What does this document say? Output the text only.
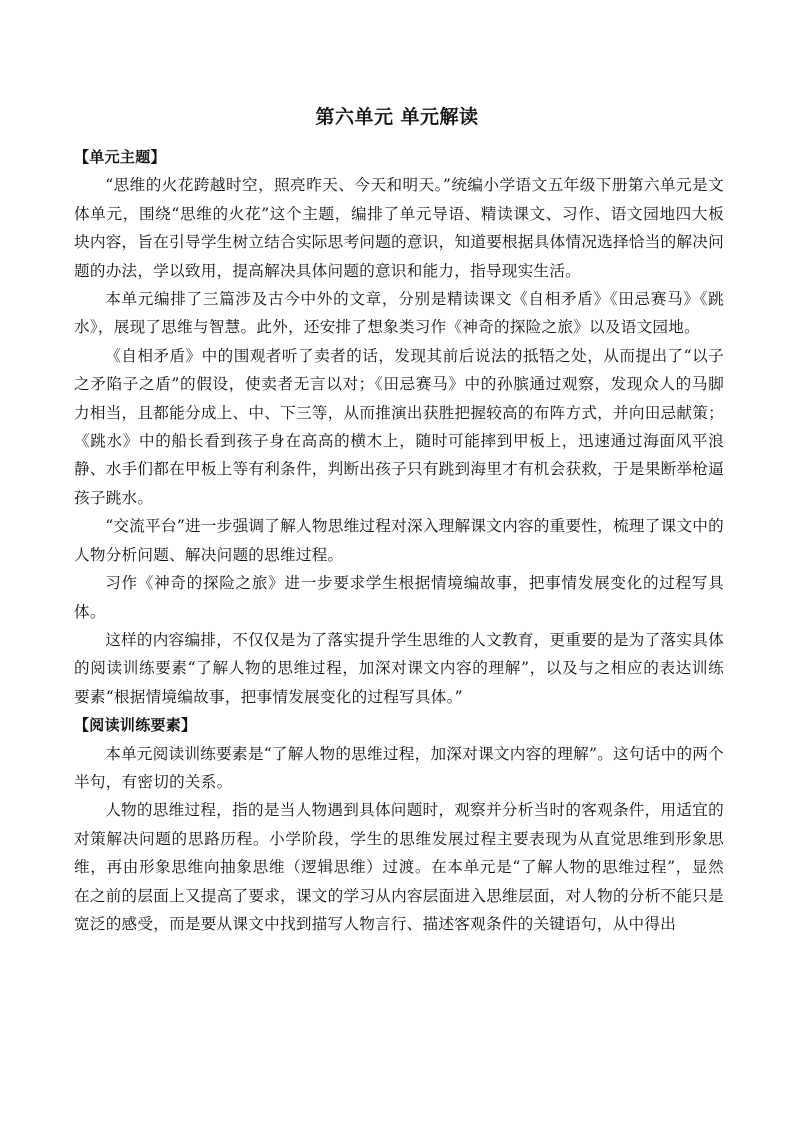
第六单元 单元解读

【单元主题】

“思维的火花跨越时空，照亮昨天、今天和明天。”统编小学语文五年级下册第六单元是文体单元，围绕“思维的火花”这个主题，编排了单元导语、精读课文、习作、语文园地四大板块内容，旨在引导学生树立结合实际思考问题的意识，知道要根据具体情况选择恰当的解决问题的办法，学以致用，提高解决具体问题的意识和能力，指导现实生活。

本单元编排了三篇涉及古今中外的文章，分别是精读课文《自相矛盾》《田忌赛马》《跳水》，展现了思维与智慧。此外，还安排了想象类习作《神奇的探险之旅》以及语文园地。

《自相矛盾》中的围观者听了卖者的话，发现其前后说法的抵牾之处，从而提出了“以子之矛陷子之盾”的假设，使卖者无言以对；《田忌赛马》中的孙膑通过观察，发现众人的马脚力相当，且都能分成上、中、下三等，从而推演出获胜把握较高的布阵方式，并向田忌献策；《跳水》中的船长看到孩子身在高高的横木上，随时可能摔到甲板上，迅速通过海面风平浪静、水手们都在甲板上等有利条件，判断出孩子只有跳到海里才有机会获救，于是果断举枪逼孩子跳水。

“交流平台”进一步强调了解人物思维过程对深入理解课文内容的重要性，梳理了课文中的人物分析问题、解决问题的思维过程。

习作《神奇的探险之旅》进一步要求学生根据情境编故事，把事情发展变化的过程写具体。

这样的内容编排，不仅仅是为了落实提升学生思维的人文教育，更重要的是为了落实具体的阅读训练要素“了解人物的思维过程，加深对课文内容的理解”，以及与之相应的表达训练要素“根据情境编故事，把事情发展变化的过程写具体。”

【阅读训练要素】

本单元阅读训练要素是“了解人物的思维过程，加深对课文内容的理解”。这句话中的两个半句，有密切的关系。

人物的思维过程，指的是当人物遇到具体问题时，观察并分析当时的客观条件，用适宜的对策解决问题的思路历程。小学阶段，学生的思维发展过程主要表现为从直觉思维到形象思维，再由形象思维向抽象思维（逻辑思维）过渡。在本单元是“了解人物的思维过程”，显然在之前的层面上又提高了要求，课文的学习从内容层面进入思维层面，对人物的分析不能只是宽泛的感受，而是要从课文中找到描写人物言行、描述客观条件的关键语句，从中得出
